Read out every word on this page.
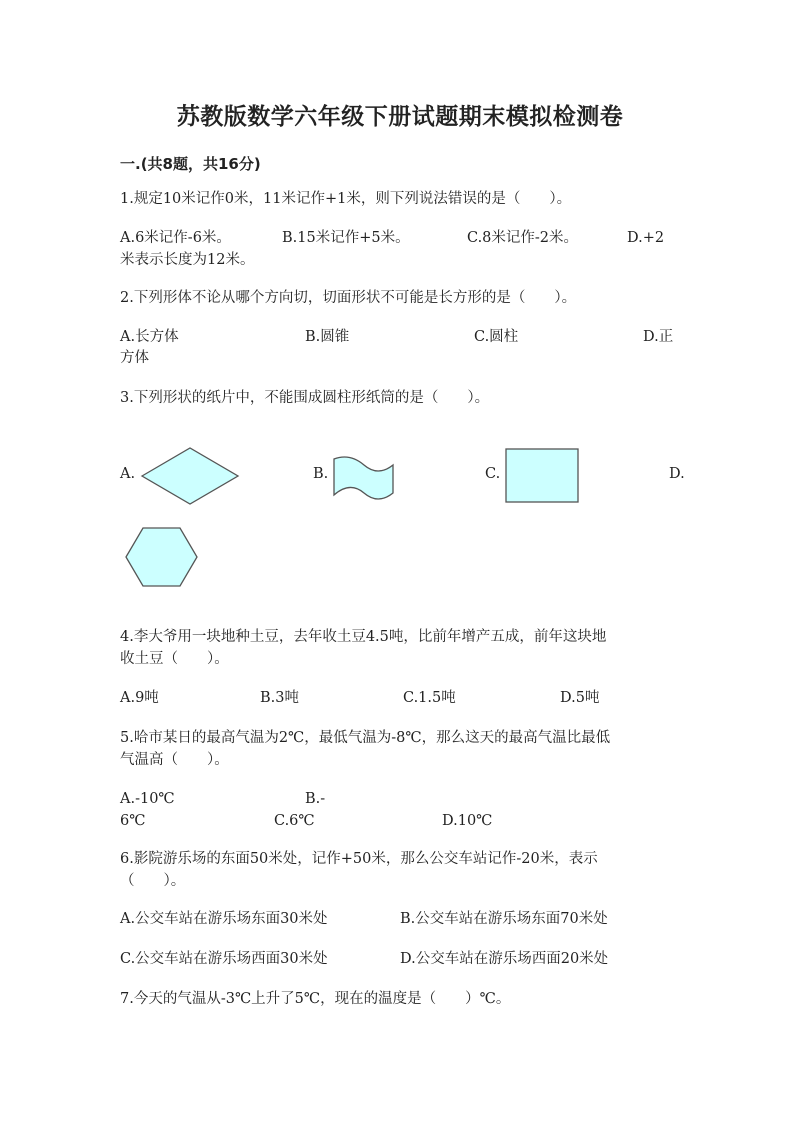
苏教版数学六年级下册试题期末模拟检测卷
一.(共8题，共16分)
1.规定10米记作0米，11米记作+1米，则下列说法错误的是（　　）。
A.6米记作-6米。	B.15米记作+5米。	C.8米记作-2米。	D.+2
米表示长度为12米。
2.下列形体不论从哪个方向切，切面形状不可能是长方形的是（　　）。
A.长方体	B.圆锥	C.圆柱	D.正
方体
3.下列形状的纸片中，不能围成圆柱形纸筒的是（　　）。
A.	B.	C.	D.
4.李大爷用一块地种土豆，去年收土豆4.5吨，比前年增产五成，前年这块地
收土豆（　　）。
A.9吨	B.3吨	C.1.5吨	D.5吨
5.哈市某日的最高气温为2℃，最低气温为-8℃，那么这天的最高气温比最低
气温高（　　）。
A.-10℃	B.-
6℃	C.6℃	D.10℃
6.影院游乐场的东面50米处，记作+50米，那么公交车站记作-20米，表示
（　　）。
A.公交车站在游乐场东面30米处	B.公交车站在游乐场东面70米处
C.公交车站在游乐场西面30米处	D.公交车站在游乐场西面20米处
7.今天的气温从-3℃上升了5℃，现在的温度是（　　）℃。
